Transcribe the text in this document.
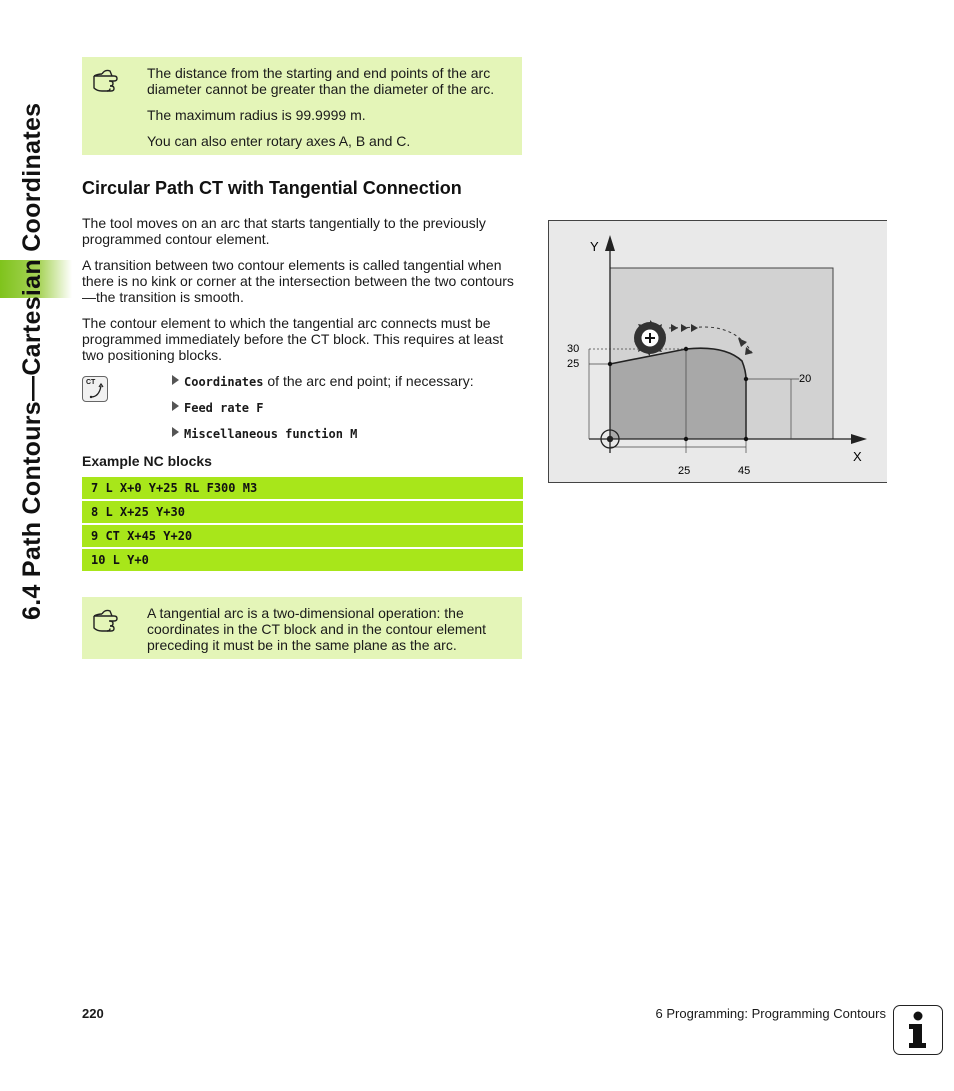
6.4 Path Contours—Cartesian Coordinates

The distance from the starting and end points of the arc diameter cannot be greater than the diameter of the arc.

The maximum radius is 99.9999 m.

You can also enter rotary axes A, B and C.

Circular Path CT with Tangential Connection

The tool moves on an arc that starts tangentially to the previously programmed contour element.

A transition between two contour elements is called tangential when there is no kink or corner at the intersection between the two contours—the transition is smooth.

The contour element to which the tangential arc connects must be programmed immediately before the CT block. This requires at least two positioning blocks.

CT	Coordinates of the arc end point; if necessary:
Feed rate F
Miscellaneous function M
Example NC blocks
7 L X+0 Y+25 RL F300 M3
8 L X+25 Y+30
9 CT X+45 Y+20
10 L Y+0

A tangential arc is a two-dimensional operation: the coordinates in the CT block and in the contour element preceding it must be in the same plane as the arc.

Y
X
30
25
20
25	45
220	6 Programming: Programming Contours
